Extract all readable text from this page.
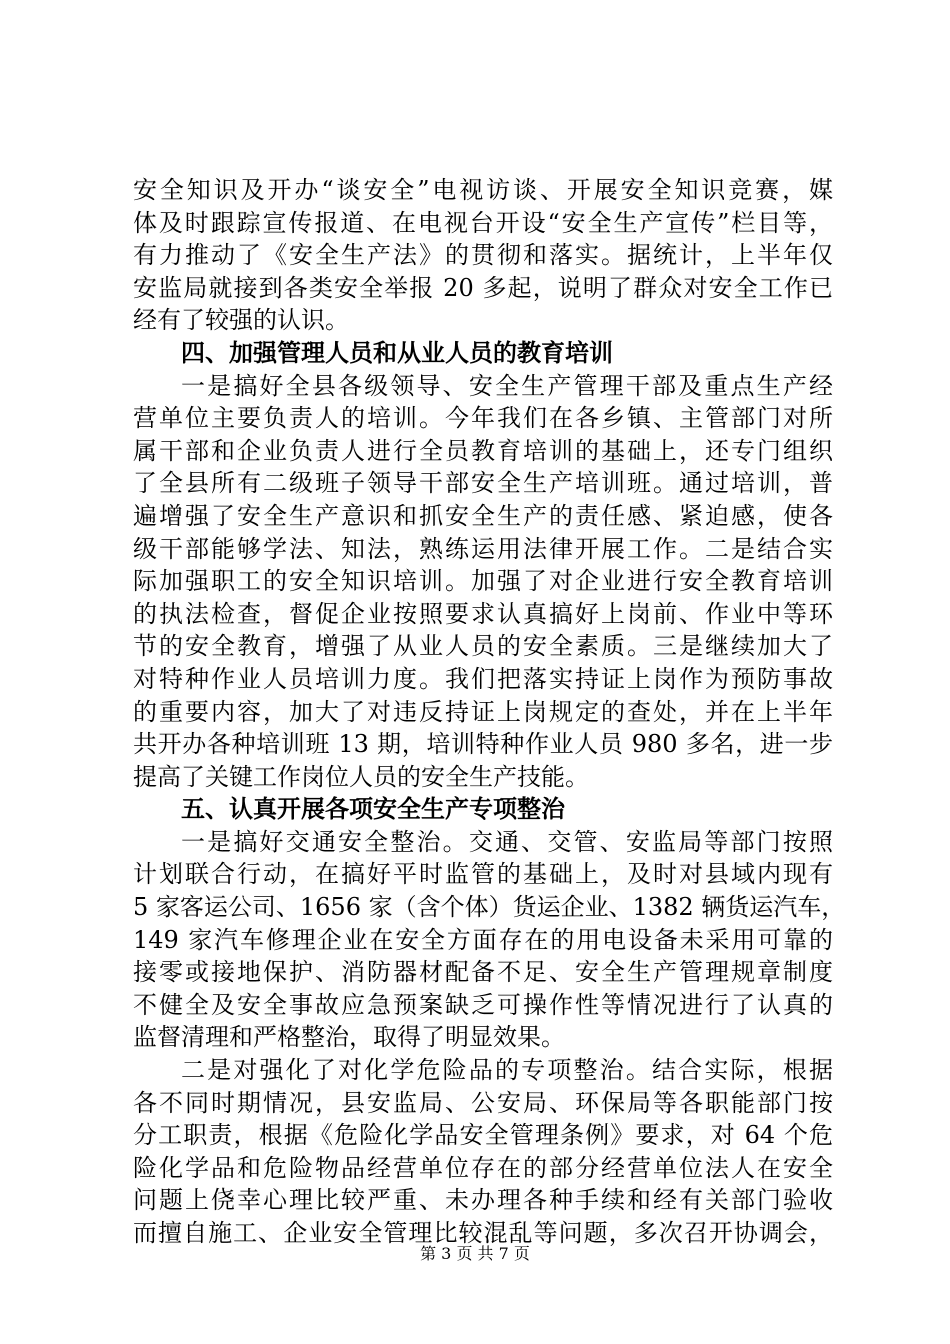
安全知识及开办“谈安全”电视访谈、开展安全知识竞赛，媒
体及时跟踪宣传报道、在电视台开设“安全生产宣传”栏目等，
有力推动了《安全生产法》的贯彻和落实。据统计，上半年仅
安监局就接到各类安全举报 20 多起，说明了群众对安全工作已
经有了较强的认识。
四、加强管理人员和从业人员的教育培训
一是搞好全县各级领导、安全生产管理干部及重点生产经
营单位主要负责人的培训。今年我们在各乡镇、主管部门对所
属干部和企业负责人进行全员教育培训的基础上，还专门组织
了全县所有二级班子领导干部安全生产培训班。通过培训，普
遍增强了安全生产意识和抓安全生产的责任感、紧迫感，使各
级干部能够学法、知法，熟练运用法律开展工作。二是结合实
际加强职工的安全知识培训。加强了对企业进行安全教育培训
的执法检查，督促企业按照要求认真搞好上岗前、作业中等环
节的安全教育，增强了从业人员的安全素质。三是继续加大了
对特种作业人员培训力度。我们把落实持证上岗作为预防事故
的重要内容，加大了对违反持证上岗规定的查处，并在上半年
共开办各种培训班 13 期，培训特种作业人员 980 多名，进一步
提高了关键工作岗位人员的安全生产技能。
五、认真开展各项安全生产专项整治
一是搞好交通安全整治。交通、交管、安监局等部门按照
计划联合行动，在搞好平时监管的基础上，及时对县域内现有
5 家客运公司、1656 家（含个体）货运企业、1382 辆货运汽车，
149 家汽车修理企业在安全方面存在的用电设备未采用可靠的
接零或接地保护、消防器材配备不足、安全生产管理规章制度
不健全及安全事故应急预案缺乏可操作性等情况进行了认真的
监督清理和严格整治，取得了明显效果。
二是对强化了对化学危险品的专项整治。结合实际，根据
各不同时期情况，县安监局、公安局、环保局等各职能部门按
分工职责，根据《危险化学品安全管理条例》要求，对 64 个危
险化学品和危险物品经营单位存在的部分经营单位法人在安全
问题上侥幸心理比较严重、未办理各种手续和经有关部门验收
而擅自施工、企业安全管理比较混乱等问题，多次召开协调会，
第 3 页 共 7 页
